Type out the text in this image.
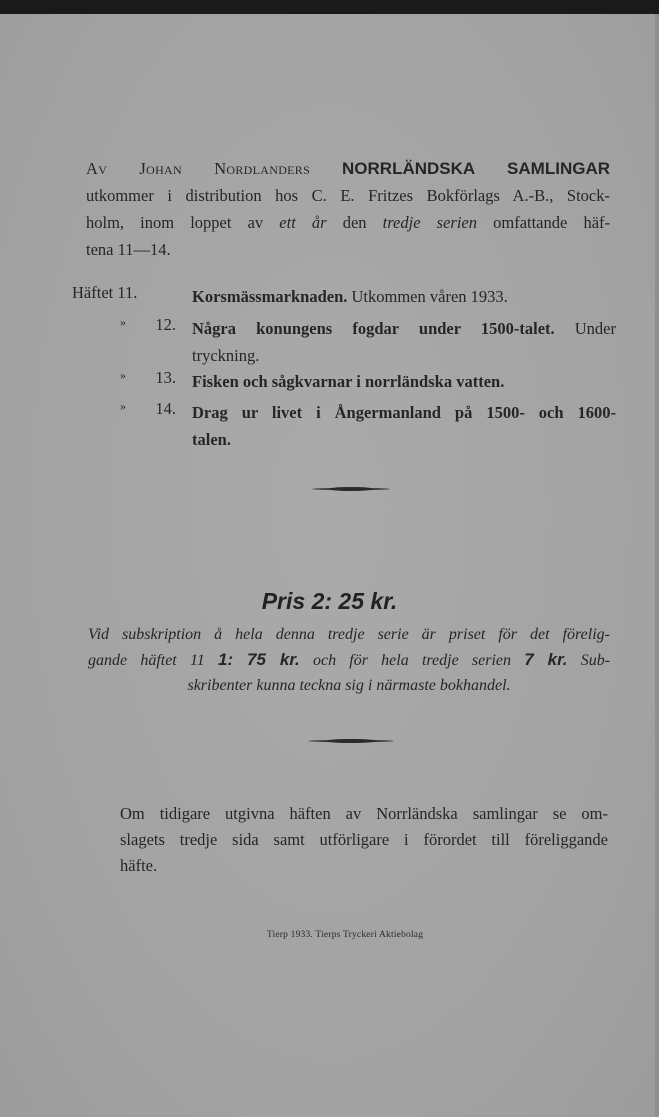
Av Johan Nordlanders NORRLÄNDSKA SAMLINGAR
utkommer i distribution hos C. E. Fritzes Bokförlags A.-B., Stock-
holm, inom loppet av ett år den tredje serien omfattande häf-
tena 11—14.
Häftet 11.	Korsmässmarknaden. Utkommen våren 1933.
» 12. Några konungens fogdar under 1500-talet. Under
tryckning.
» 13. Fisken och sågkvarnar i norrländska vatten.
» 14. Drag ur livet i Ångermanland på 1500- och 1600-
talen.
Pris 2: 25 kr.
Vid subskription å hela denna tredje serie är priset för det förelig-
gande häftet 11 1: 75 kr. och för hela tredje serien 7 kr. Sub-
skribenter kunna teckna sig i närmaste bokhandel.
Om tidigare utgivna häften av Norrländska samlingar se om-
slagets tredje sida samt utförligare i förordet till föreliggande
häfte.
Tierp 1933. Tierps Tryckeri Aktiebolag
